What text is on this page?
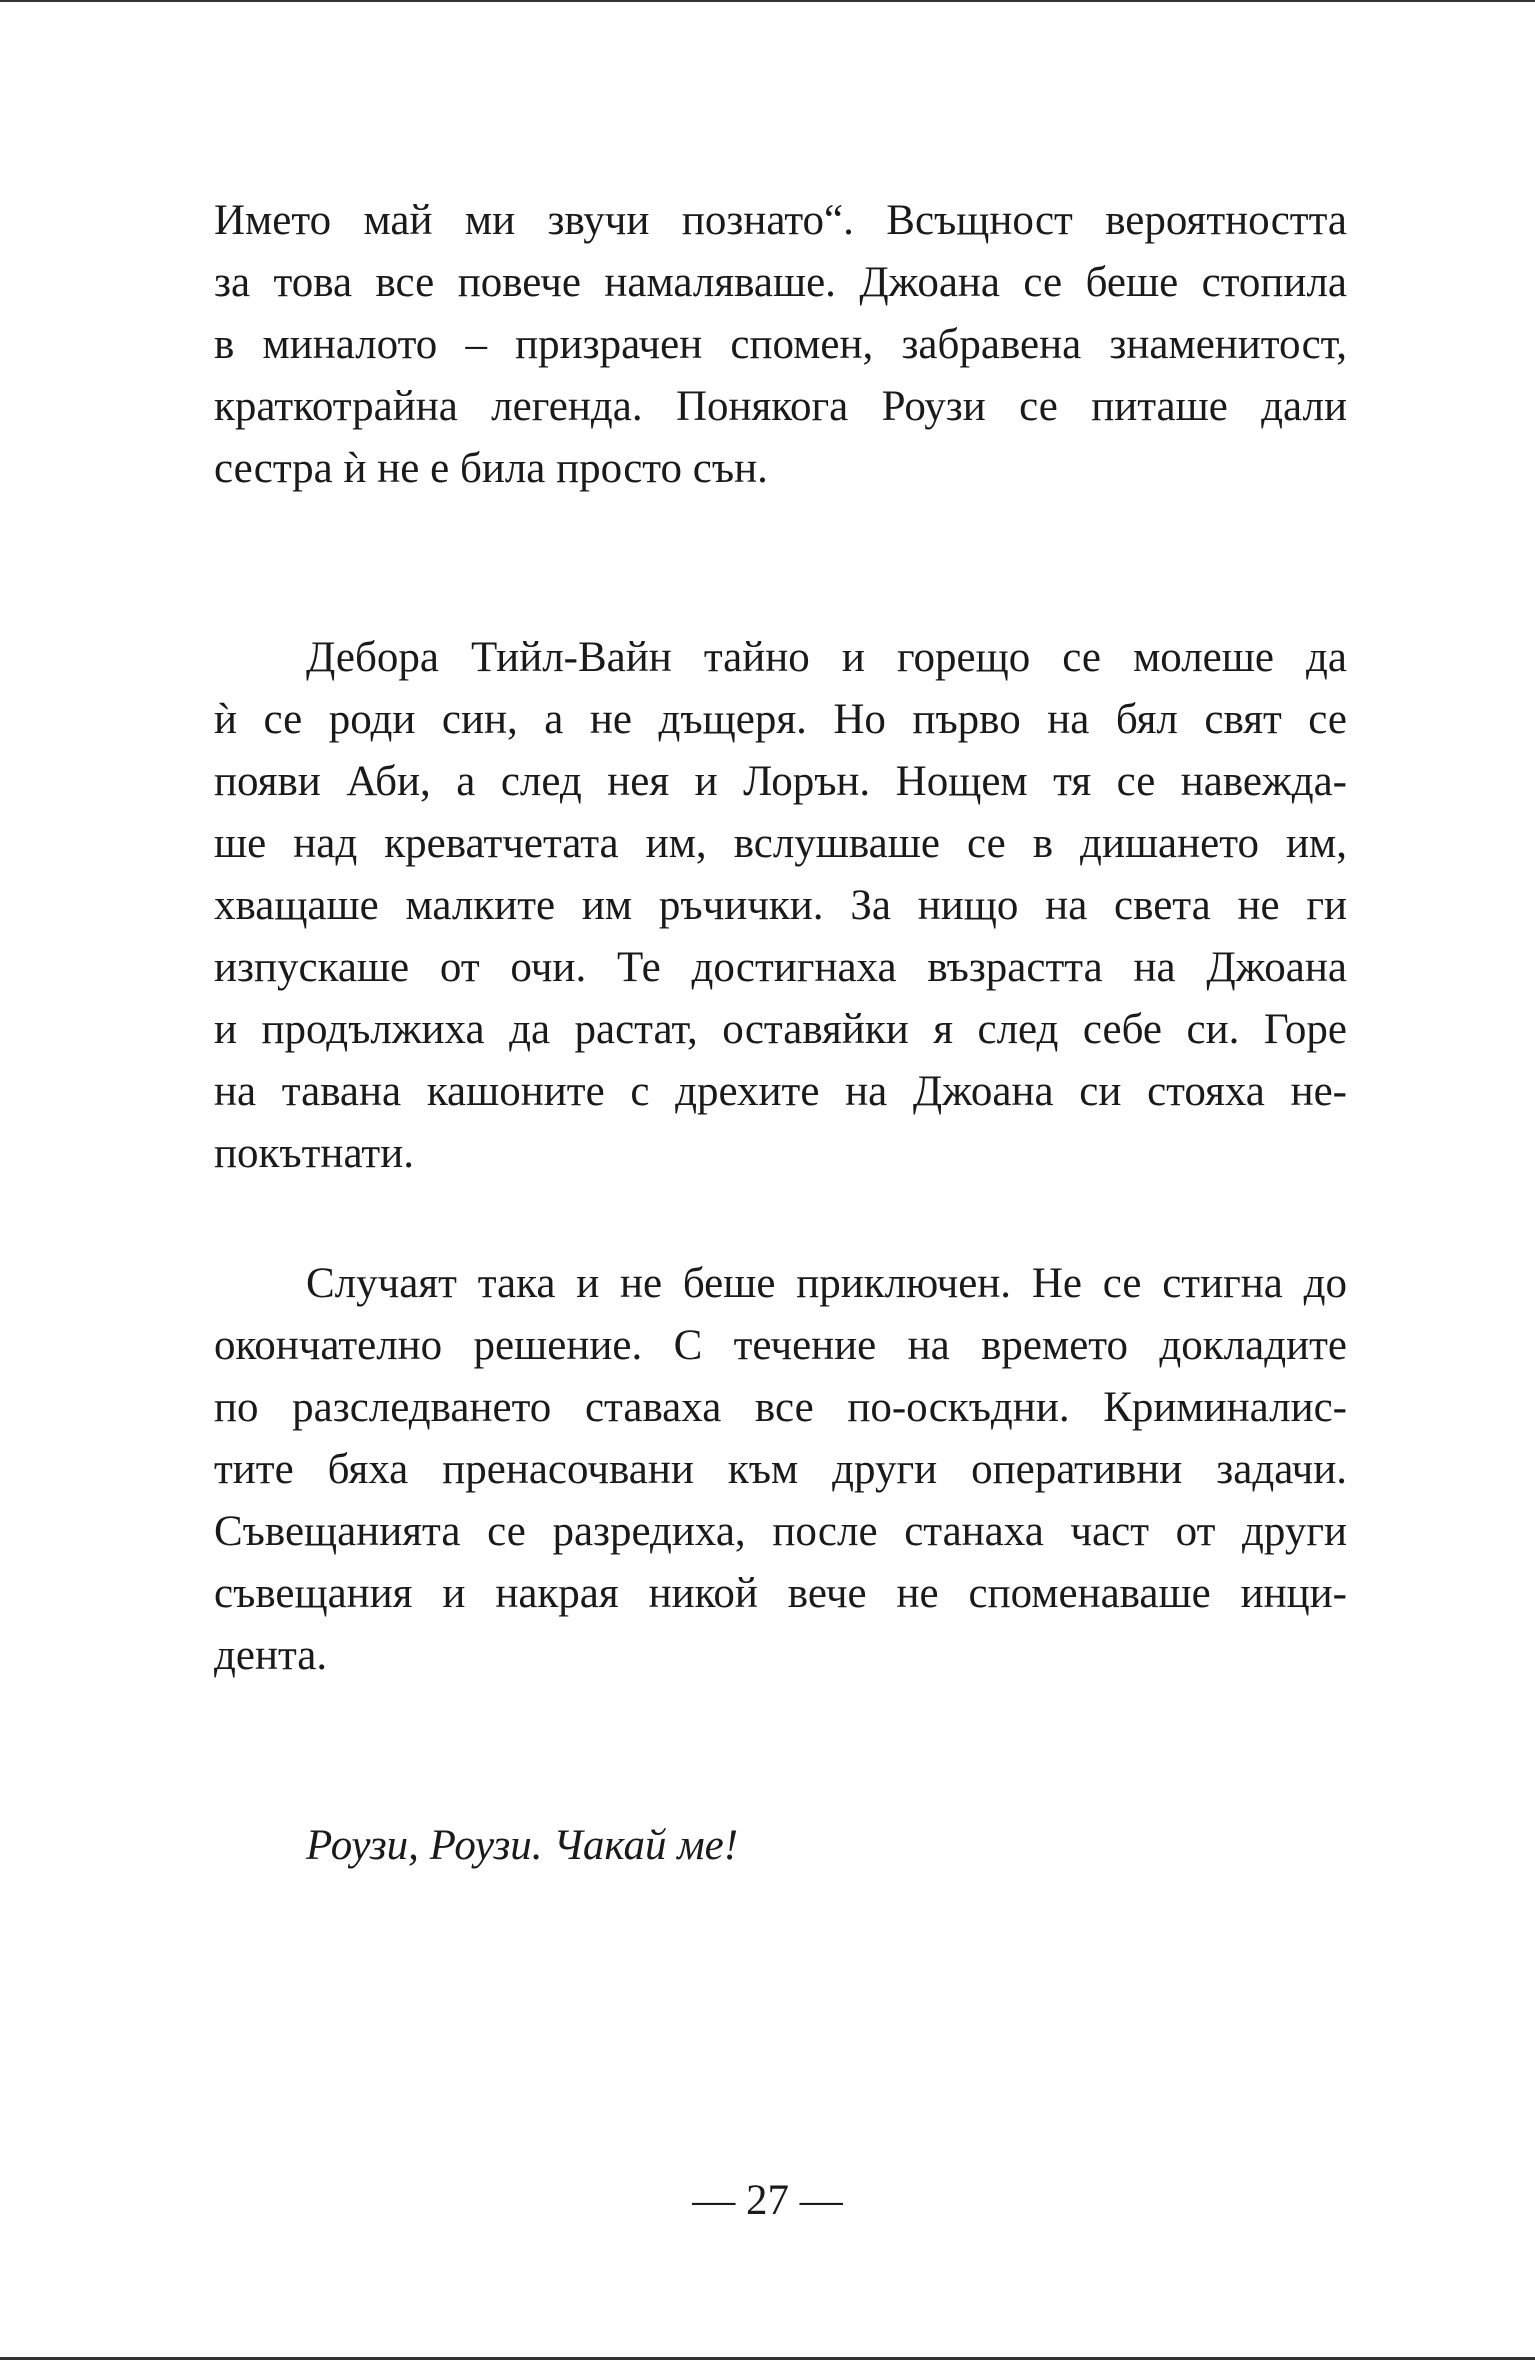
Името май ми звучи познато“. Всъщност вероятността
за това все повече намаляваше. Джоана се беше стопила
в миналото – призрачен спомен, забравена знаменитост,
краткотрайна легенда. Понякога Роузи се питаше дали
сестра ѝ не е била просто сън.
Дебора Тийл-Вайн тайно и горещо се молеше да
ѝ се роди син, а не дъщеря. Но първо на бял свят се
появи Аби, а след нея и Лорън. Нощем тя се навежда-
ше над креватчетата им, вслушваше се в дишането им,
хващаше малките им ръчички. За нищо на света не ги
изпускаше от очи. Те достигнаха възрастта на Джоана
и продължиха да растат, оставяйки я след себе си. Горе
на тавана кашоните с дрехите на Джоана си стояха не-
покътнати.
Случаят така и не беше приключен. Не се стигна до
окончателно решение. С течение на времето докладите
по разследването ставаха все по-оскъдни. Криминалис-
тите бяха пренасочвани към други оперативни задачи.
Съвещанията се разредиха, после станаха част от други
съвещания и накрая никой вече не споменаваше инци-
дента.
Роузи, Роузи. Чакай ме!
— 27 —
